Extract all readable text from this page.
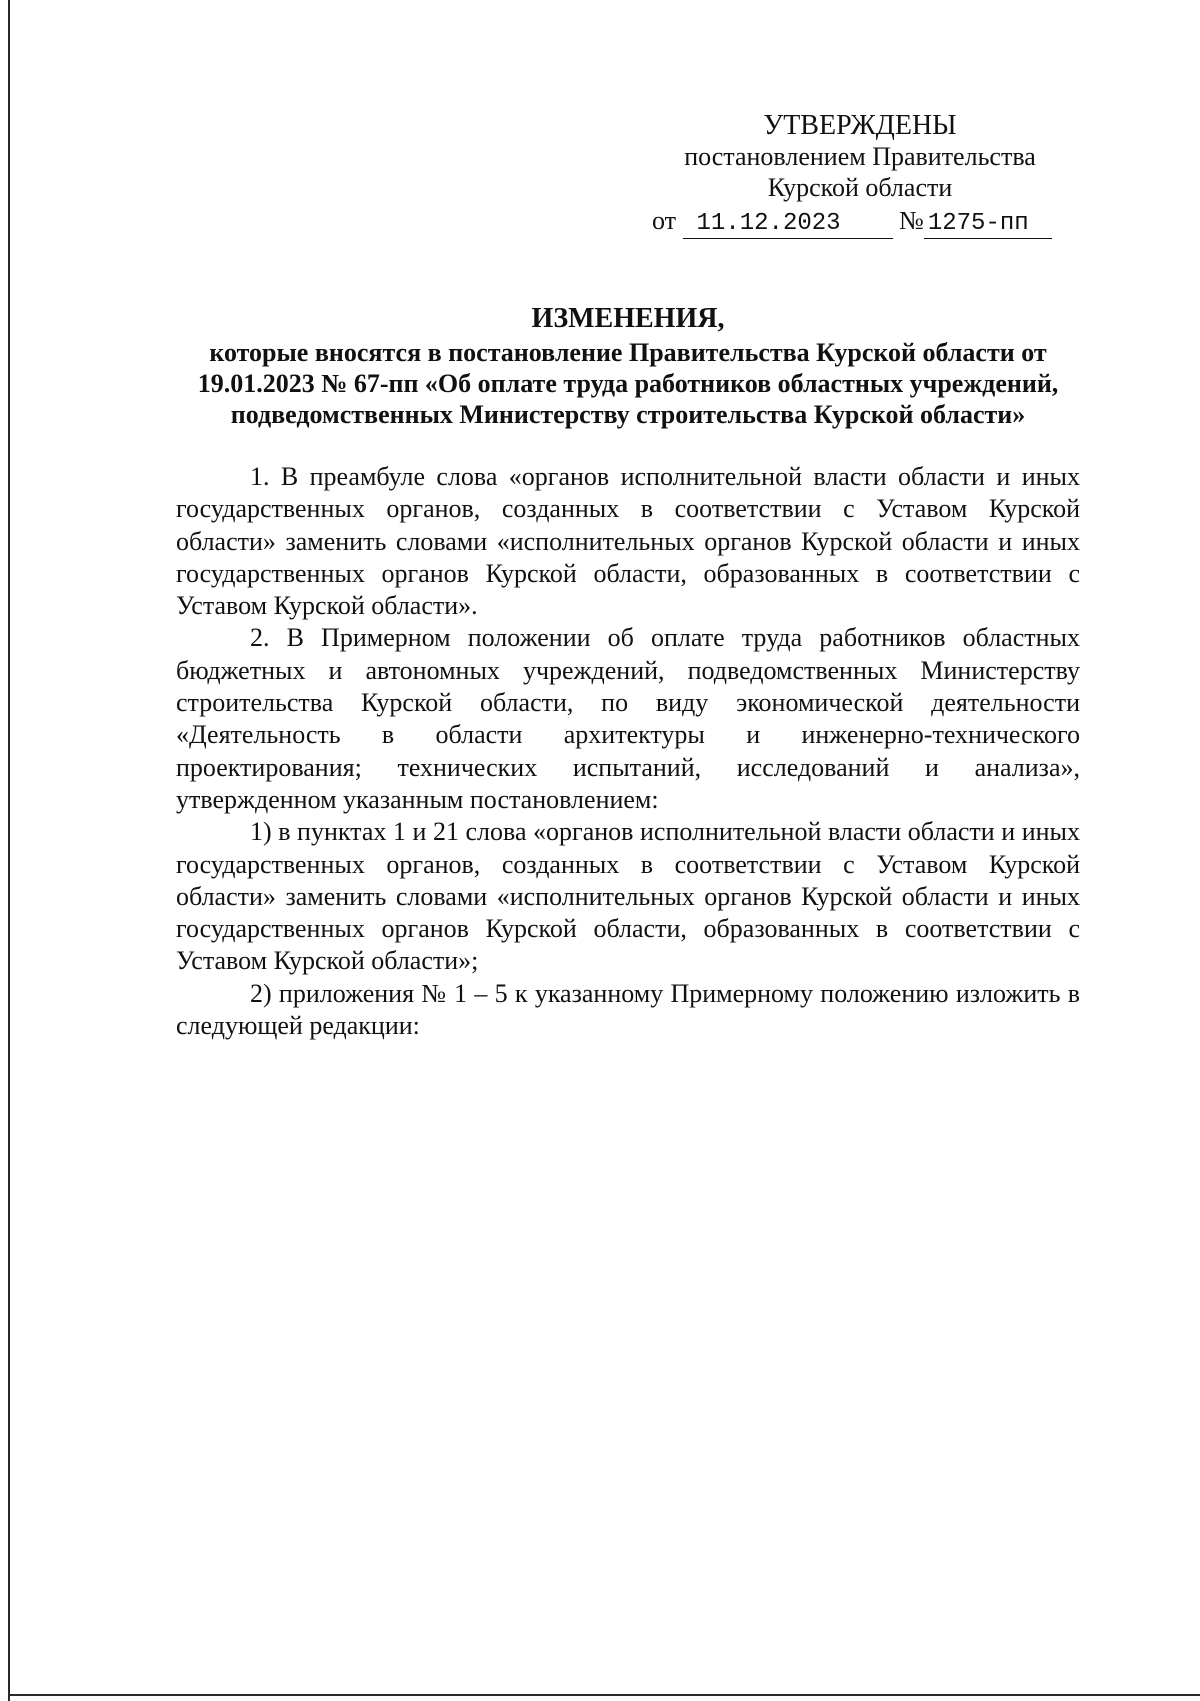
УТВЕРЖДЕНЫ
постановлением Правительства
Курской области
от 11.12.2023 № 1275-пп
ИЗМЕНЕНИЯ,
которые вносятся в постановление Правительства Курской области от 19.01.2023 № 67-пп «Об оплате труда работников областных учреждений, подведомственных Министерству строительства Курской области»

1. В преамбуле слова «органов исполнительной власти области и иных государственных органов, созданных в соответствии с Уставом Курской области» заменить словами «исполнительных органов Курской области и иных государственных органов Курской области, образованных в соответствии с Уставом Курской области».

2. В Примерном положении об оплате труда работников областных бюджетных и автономных учреждений, подведомственных Министерству строительства Курской области, по виду экономической деятельности «Деятельность в области архитектуры и инженерно-технического проектирования; технических испытаний, исследований и анализа», утвержденном указанным постановлением:

1) в пунктах 1 и 21 слова «органов исполнительной власти области и иных государственных органов, созданных в соответствии с Уставом Курской области» заменить словами «исполнительных органов Курской области и иных государственных органов Курской области, образованных в соответствии с Уставом Курской области»;

2) приложения № 1 – 5 к указанному Примерному положению изложить в следующей редакции:
